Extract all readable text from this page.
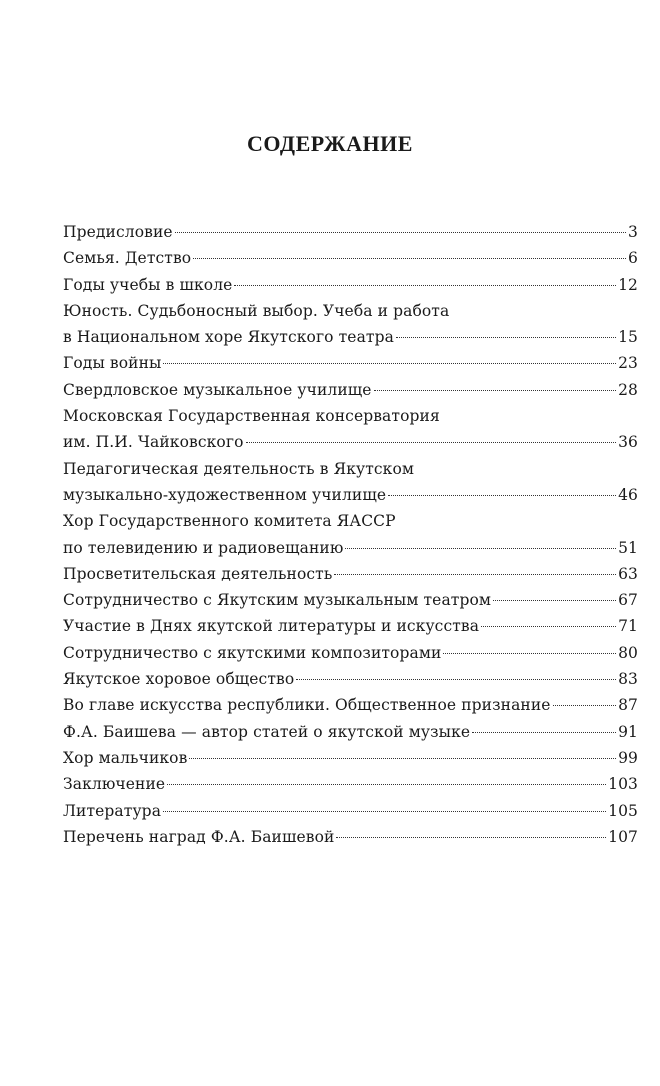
СОДЕРЖАНИЕ
Предисловие	3
Семья. Детство	6
Годы учебы в школе	12
Юность. Судьбоносный выбор. Учеба и работа
в Национальном хоре Якутского театра	15
Годы войны	23
Свердловское музыкальное училище	28
Московская Государственная консерватория
им. П.И. Чайковского	36
Педагогическая деятельность в Якутском
музыкально-художественном училище	46
Хор Государственного комитета ЯАССР
по телевидению и радиовещанию	51
Просветительская деятельность	63
Сотрудничество с Якутским музыкальным театром	67
Участие в Днях якутской литературы и искусства	71
Сотрудничество с якутскими композиторами	80
Якутское хоровое общество	83
Во главе искусства республики. Общественное признание	87
Ф.А. Баишева — автор статей о якутской музыке	91
Хор мальчиков	99
Заключение	103
Литература	105
Перечень наград Ф.А. Баишевой	107
